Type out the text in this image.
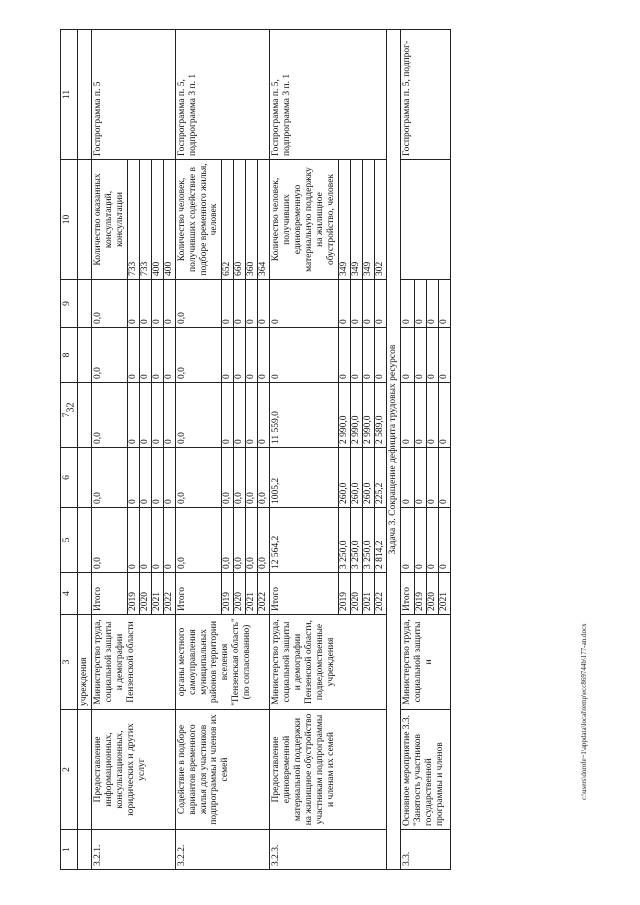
32
1	2	3	4	5	6	7	8	9	10	11
		учреждения								
3.2.1.	Предоставление информационных, консультационных, юридических и других услуг	Министерство труда, социальной защиты и демографии Пензенской области	Итого	0,0	0,0	0,0	0,0	0,0	Количество оказанных консультаций, консультации	Госпрограмма п. 5
			2019	0	0	0	0	0	733	
			2020	0	0	0	0	0	733	
			2021	0	0	0	0	0	400	
			2022	0	0	0	0	0	400	
3.2.2.	Содействие в подборе вариантов временного жилья для участников подпрограммы и членов их семей	органы местного самоуправления муниципальных районов территории вселения "Пензенская область" (по согласованию)	Итого	0,0	0,0	0,0	0,0	0,0	Количество человек, получивших содействие в подборе временного жилья, человек	Госпрограмма п. 5, подпрограмма 3 п. 1
			2019	0,0	0,0	0	0	0	652	
			2020	0,0	0,0	0	0	0	660	
			2021	0,0	0,0	0	0	0	360	
			2022	0,0	0,0	0	0	0	364	
3.2.3.	Предоставление единовременной материальной поддержки на жилищное обустройство участникам подпрограммы и членам их семей	Министерство труда, социальной защиты и демографии Пензенской области, подведомственные учреждения	Итого	12 564,2	1005,2	11 559,0	0	0	Количество человек, получивших единовременную материальную поддержку на жилищное обустройство, человек	Госпрограмма п. 5, подпрограмма 3 п. 1
			2019	3 250,0	260,0	2 990,0	0	0	349	
			2020	3 250,0	260,0	2 990,0	0	0	349	
			2021	3 250,0	260,0	2 990,0	0	0	349	
			2022	2 814,2	225,2	2 589,0	0	0	302	
Задача 3. Сокращение дефицита трудовых ресурсов										
3.3.	Основное мероприятие 3.3. "Занятость участников государственной программы и членов	Министерство труда, социальной защиты и	Итого	0	0	0	0	0		Госпрограмма п. 5, подпрог-
			2019	0	0	0	0	0		
			2020	0	0	0	0	0		
			2021	0	0	0	0	0		
c:\users\dorofe~1\appdata\local\temp\ecc869744b\177-an.docx
